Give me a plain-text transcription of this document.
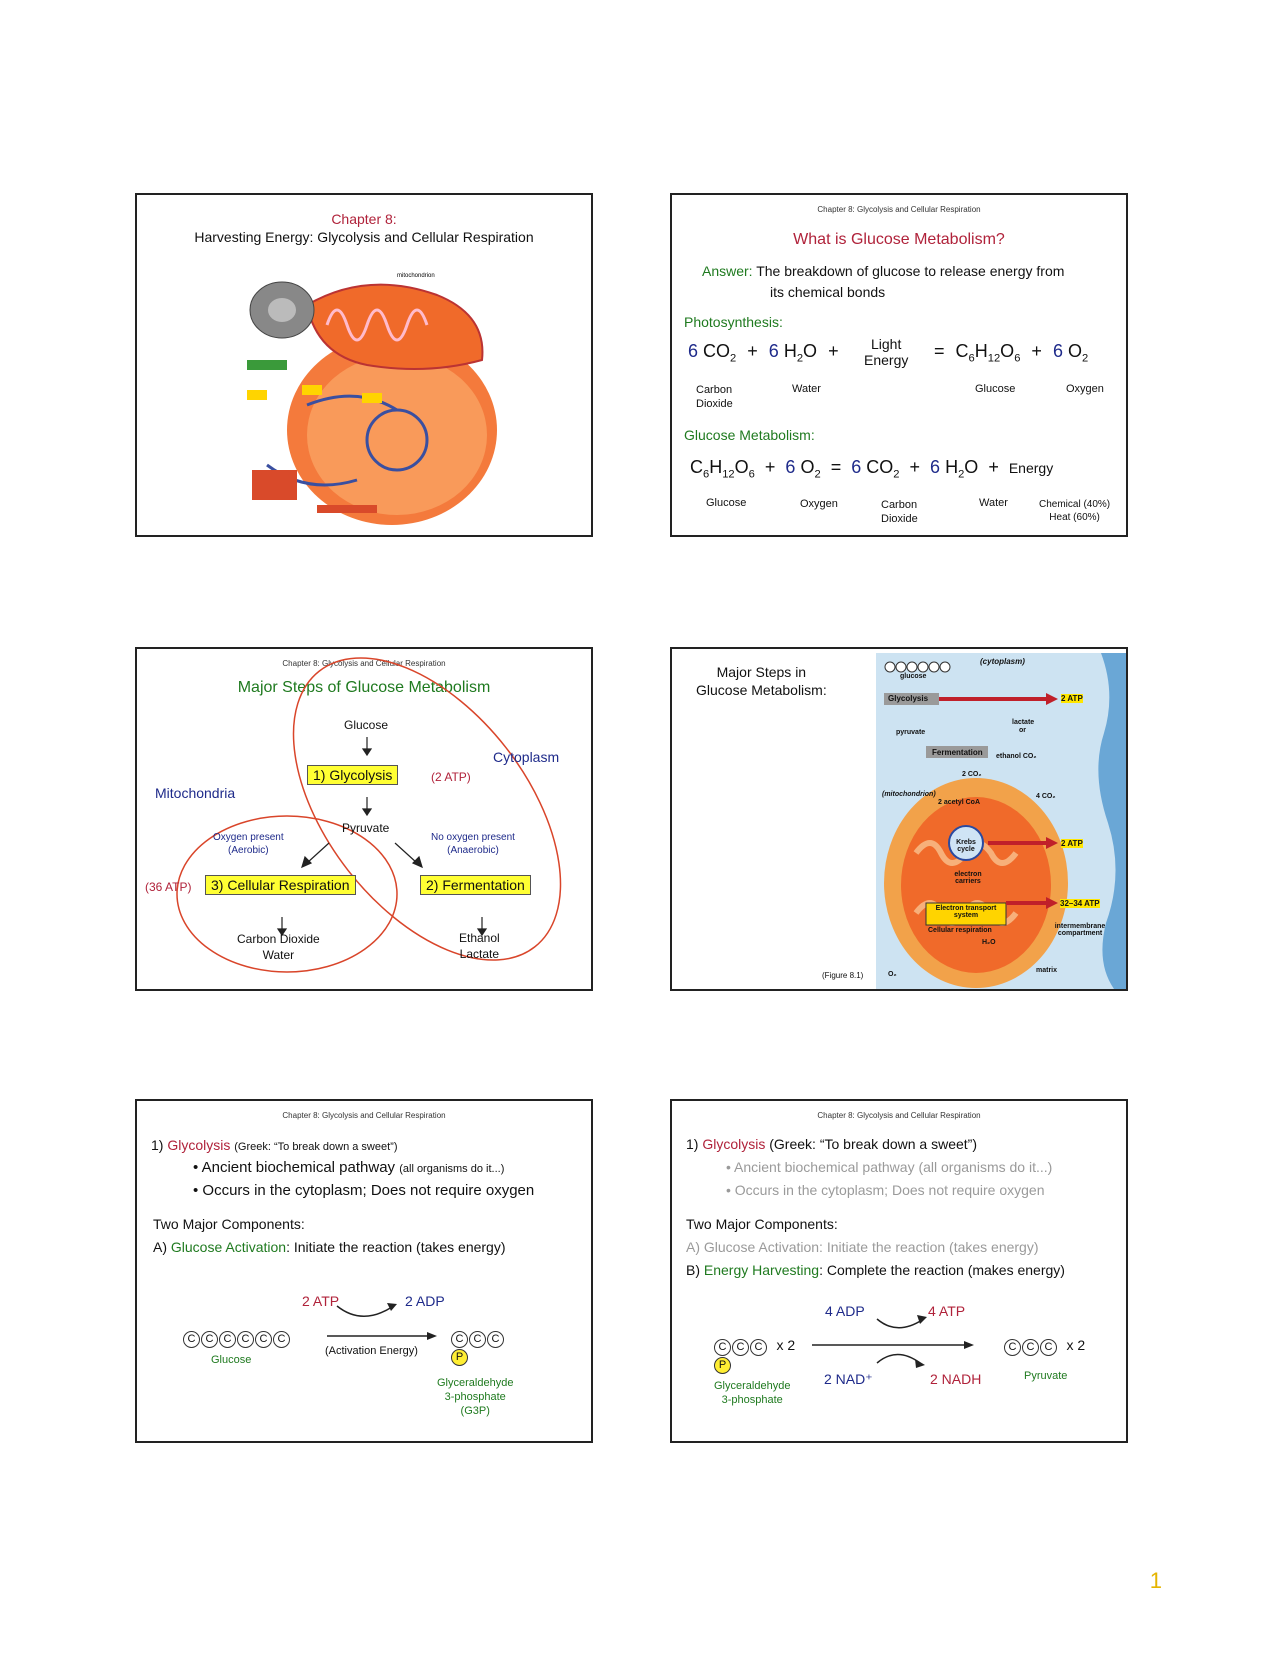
Chapter 8:
Harvesting Energy: Glycolysis and Cellular Respiration
mitochondrion
Chapter 8: Glycolysis and Cellular Respiration
What is Glucose Metabolism?
Answer: The breakdown of glucose to release energy from
its chemical bonds
Photosynthesis:
6 $CO_2 + 6$ $H_2O$ +	Light
Energy = $C_6H_{12}O_6 + 6$ $O_2$
Carbon
Dioxide
Water	Glucose	Oxygen
Glucose Metabolism:
$C_6H_{12}O_6 + 6$ $O_2 = 6$ $CO_2 + 6$ $H_2O$ + Energy
Glucose	Oxygen	Carbon
Dioxide
Water	Chemical (40%)
Heat (60%)
Chapter 8: Glycolysis and Cellular Respiration
Major Steps of Glucose Metabolism
Glucose
Cytoplasm
1) Glycolysis	(2 ATP)
Mitochondria
Pyruvate
Oxygen present
(Aerobic)
No oxygen present
(Anaerobic)
(36 ATP)	3) Cellular Respiration	2) Fermentation
Carbon Dioxide
Water
Ethanol
Lactate
Major Steps in
Glucose Metabolism:
(Figure 8.1)
(cytoplasm)
glucose
Glycolysis	2 ATP
lactate
or
pyruvate
Fermentation ethanol CO₂
2 CO₂
(mitochondrion)
2 acetyl CoA
4 CO₂
Krebs cycle
2 ATP
electron carriers
Electron transport system
32–34 ATP
Cellular respiration
intermembrane compartment
H₂O
O₂
matrix
Chapter 8: Glycolysis and Cellular Respiration
1) Glycolysis (Greek: “To break down a sweet”)
• Ancient biochemical pathway (all organisms do it...)
• Occurs in the cytoplasm; Does not require oxygen
Two Major Components:
A) Glucose Activation: Initiate the reaction (takes energy)
2 ATP	2 ADP
C C C C C C
Glucose
(Activation Energy)
C C C
P
Glyceraldehyde
3-phosphate
(G3P)
Chapter 8: Glycolysis and Cellular Respiration
1) Glycolysis (Greek: “To break down a sweet”)
• Ancient biochemical pathway (all organisms do it...)
• Occurs in the cytoplasm; Does not require oxygen
Two Major Components:
A) Glucose Activation: Initiate the reaction (takes energy)
B) Energy Harvesting: Complete the reaction (makes energy)
4 ADP	4 ATP
C C C x 2
P
Glyceraldehyde
3-phosphate
2 NAD⁺	2 NADH
C C C x 2
Pyruvate
1
